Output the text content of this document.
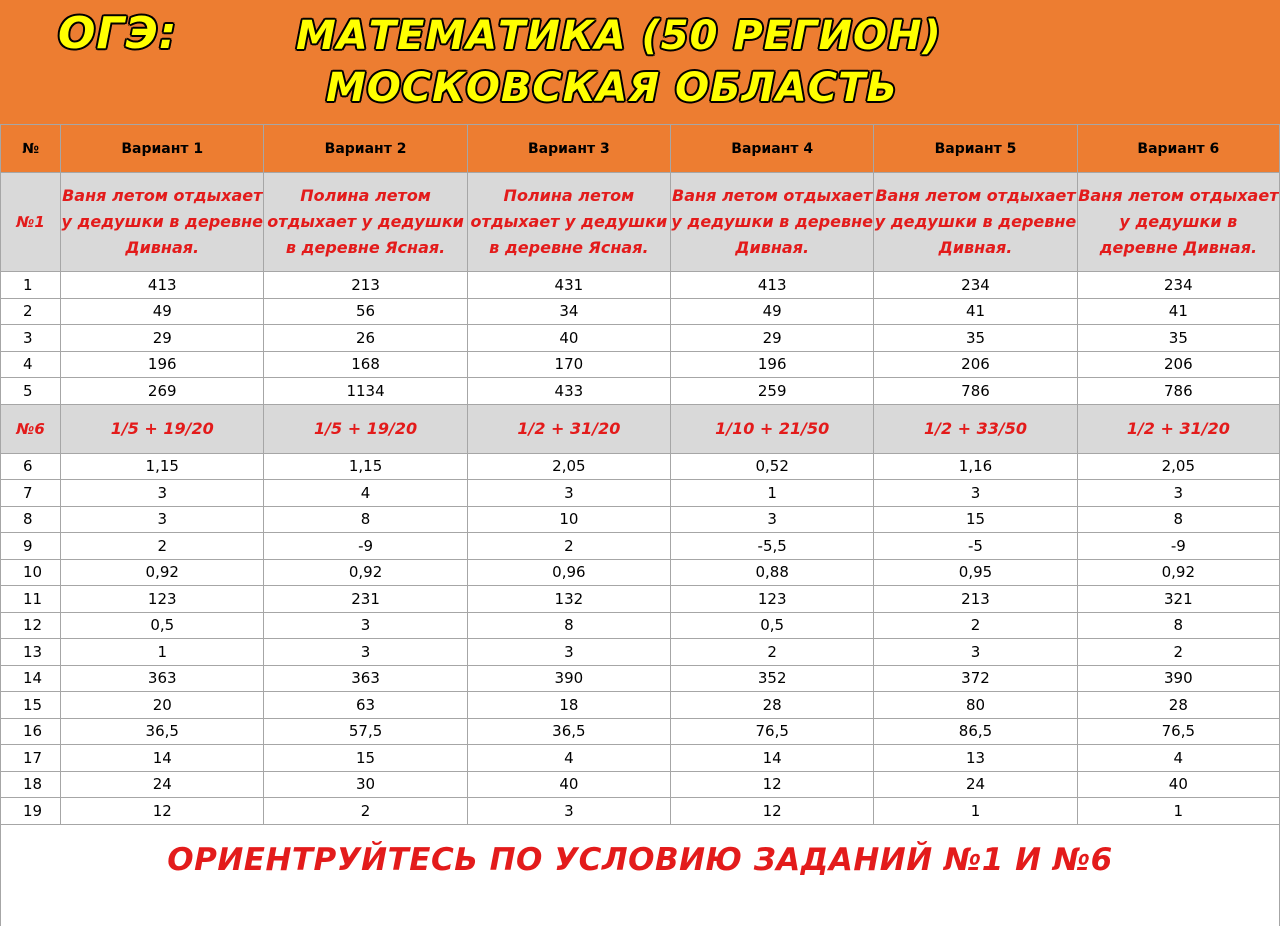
ОГЭ:	МАТЕМАТИКА (50 РЕГИОН)
МОСКОВСКАЯ ОБЛАСТЬ
№	Вариант 1	Вариант 2	Вариант 3	Вариант 4	Вариант 5	Вариант 6
№1	Ваня летом отдыхает у дедушки в деревне Дивная.	Полина летом отдыхает у дедушки в деревне Ясная.	Полина летом отдыхает у дедушки в деревне Ясная.	Ваня летом отдыхает у дедушки в деревне Дивная.	Ваня летом отдыхает у дедушки в деревне Дивная.	Ваня летом отдыхает у дедушки в деревне Дивная.
1	413	213	431	413	234	234
2	49	56	34	49	41	41
3	29	26	40	29	35	35
4	196	168	170	196	206	206
5	269	1134	433	259	786	786
№6	1/5 + 19/20	1/5 + 19/20	1/2 + 31/20	1/10 + 21/50	1/2 + 33/50	1/2 + 31/20
6	1,15	1,15	2,05	0,52	1,16	2,05
7	3	4	3	1	3	3
8	3	8	10	3	15	8
9	2	-9	2	-5,5	-5	-9
10	0,92	0,92	0,96	0,88	0,95	0,92
11	123	231	132	123	213	321
12	0,5	3	8	0,5	2	8
13	1	3	3	2	3	2
14	363	363	390	352	372	390
15	20	63	18	28	80	28
16	36,5	57,5	36,5	76,5	86,5	76,5
17	14	15	4	14	13	4
18	24	30	40	12	24	40
19	12	2	3	12	1	1
ОРИЕНТРУЙТЕСЬ ПО УСЛОВИЮ ЗАДАНИЙ №1 И №6
